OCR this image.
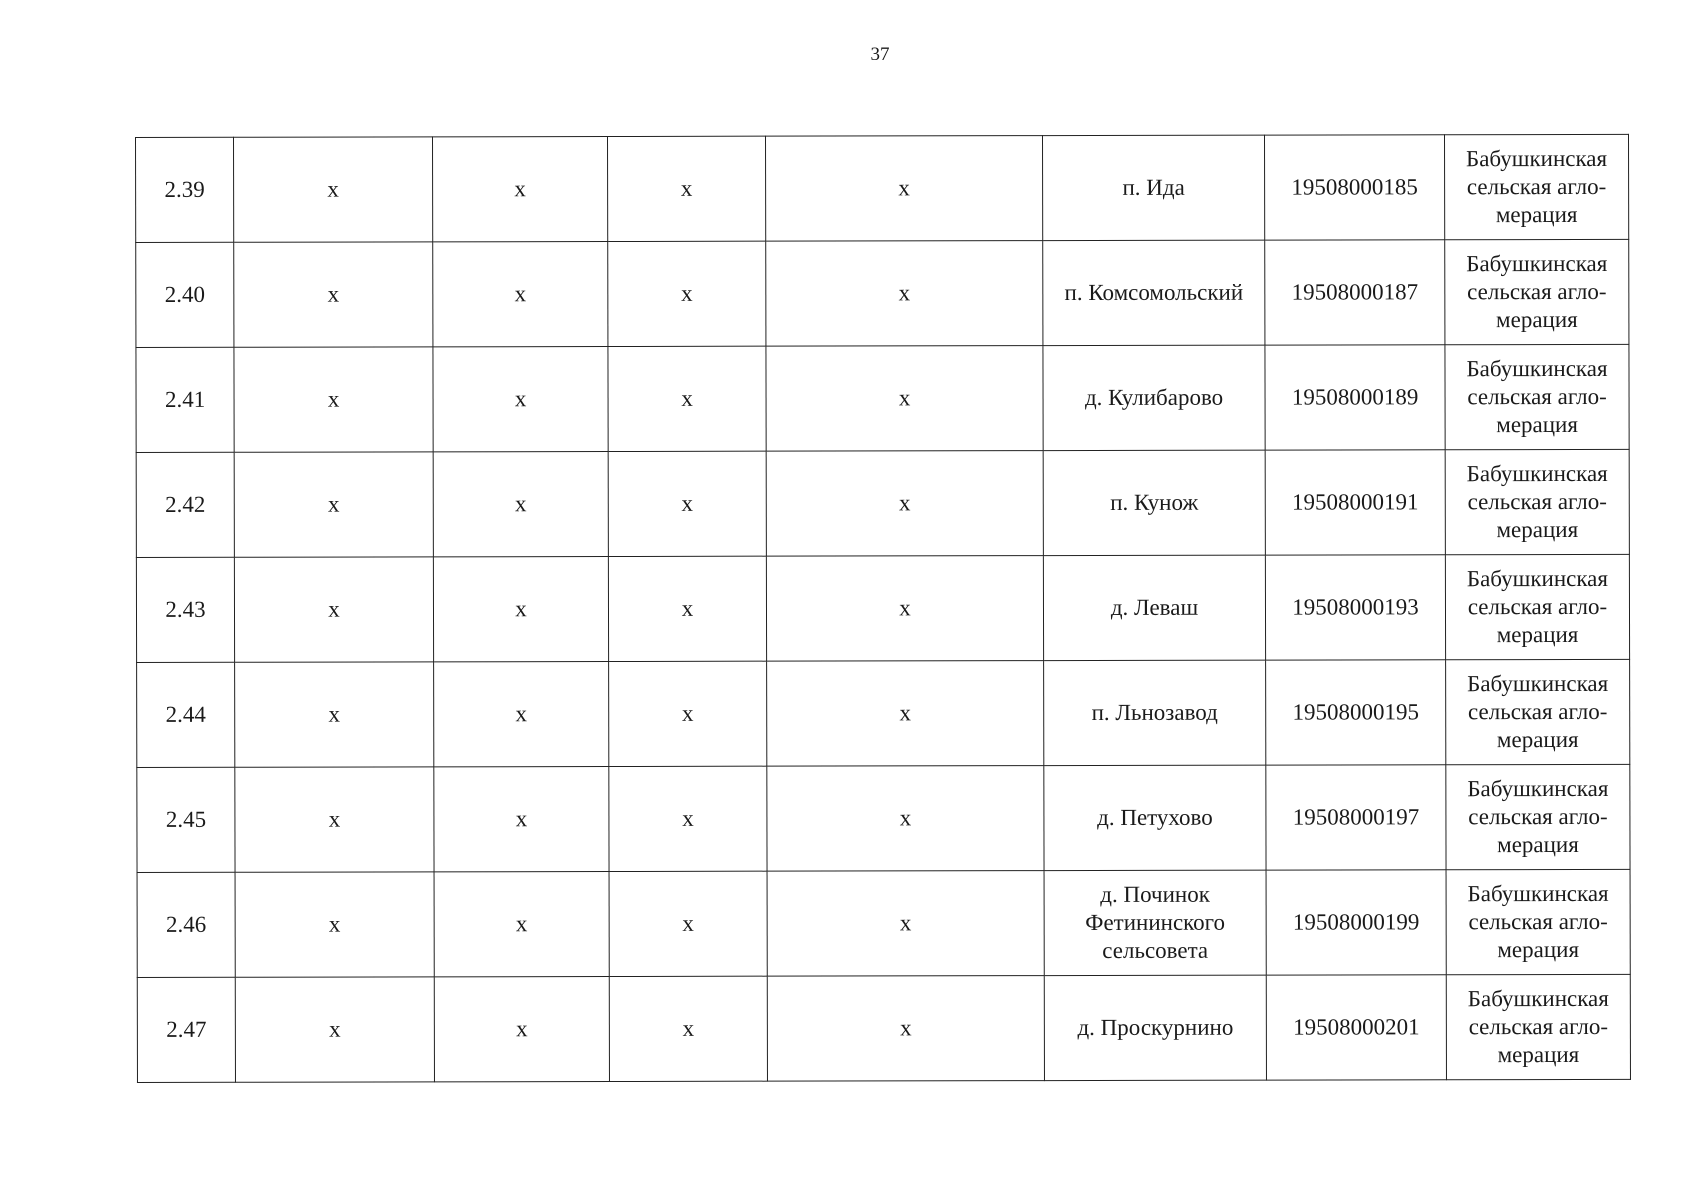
37
2.39	x	x	x	x	п. Ида	19508000185	Бабушкинская
сельская агло-
мерация
2.40	x	x	x	x	п. Комсомольский	19508000187	Бабушкинская
сельская агло-
мерация
2.41	x	x	x	x	д. Кулибарово	19508000189	Бабушкинская
сельская агло-
мерация
2.42	x	x	x	x	п. Кунож	19508000191	Бабушкинская
сельская агло-
мерация
2.43	x	x	x	x	д. Леваш	19508000193	Бабушкинская
сельская агло-
мерация
2.44	x	x	x	x	п. Льнозавод	19508000195	Бабушкинская
сельская агло-
мерация
2.45	x	x	x	x	д. Петухово	19508000197	Бабушкинская
сельская агло-
мерация
2.46	x	x	x	x	д. Починок
Фетининского
сельсовета	19508000199	Бабушкинская
сельская агло-
мерация
2.47	x	x	x	x	д. Проскурнино	19508000201	Бабушкинская
сельская агло-
мерация
